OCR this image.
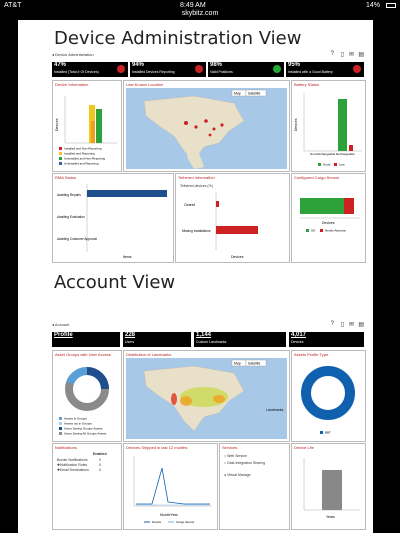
AT&T	8:49 AM	14%
skybitz.com
Device Administration View
◂ Device Administration	? ▯ ✉ ▤
47%
Installed (Total # Of Devices)
94%
Installed Devices Reporting
98%
Valid Positions
95%
Installed with a Good Battery
Device Information
Devices
Installed and Non-Reporting
Installed and Reporting
Uninstalled and Non-Reporting
Uninstalled and Reporting
Last Known Location
Map Satellite
Battery Status
Devices
Non-Rechargeable Rechargeable
Good	Low
RMA Status
Awaiting Repairs
Awaiting Evaluation
Awaiting Customer Approval
Items
Tethered Information
Tethered devices (%)
Cleared
Missing Installations
Devices
Configured Cargo Sensor
Devices
OK	Needs Attention
Account View
◂ Account	? ▯ ✉ ▤
Profile	228
Users
1,144
Custom Landmarks
4,017
Devices
Asset Groups with User Access
Assets in Groups
Assets not in Groups
Users Seeing Groups Assets
Users Seeing All Groups Assets
Distribution of Landmarks
Map Satellite
Landmarks
Assets Profile Type
BBT
Notifications
Enabled
Border Notifications	0
✚Notification Rules	0
✚Email Destinations	0
Devices Shipped in last 12 months
Month/Year
Device	Cargo Sensor
Services
○ Web Service
○ Data Integration Sharing
● Virtual Manage
Device Life
Years
